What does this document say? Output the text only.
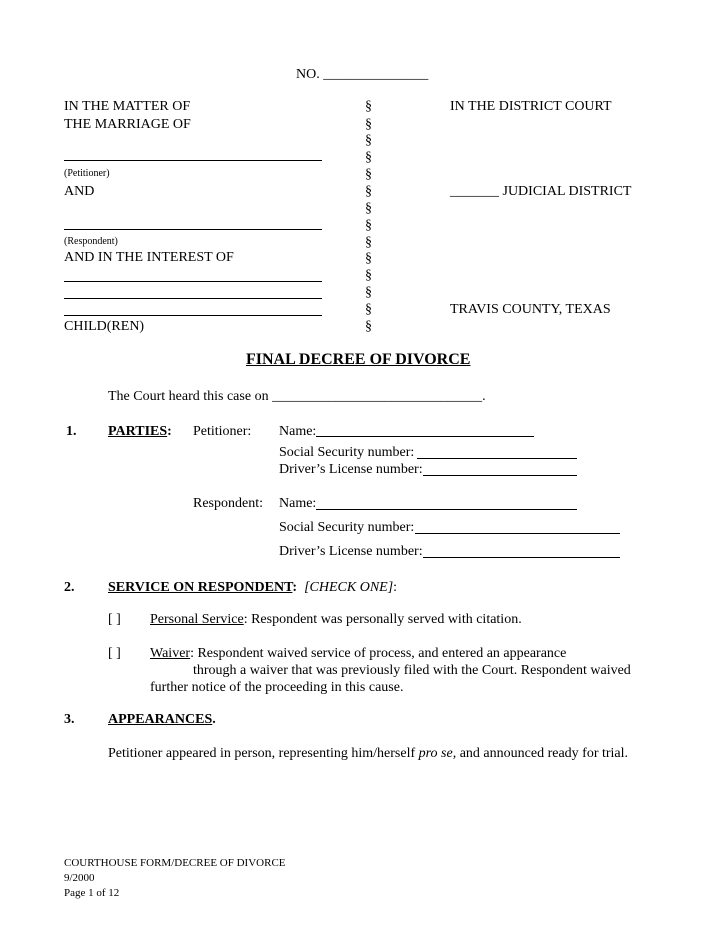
NO. _______________
IN THE MATTER OF
THE MARRIAGE OF
(Petitioner)
AND
(Respondent)
AND IN THE INTEREST OF
CHILD(REN)
§
§
§
§
§
§
§
§
§
§
§
§
§
§
IN THE DISTRICT COURT
_______ JUDICIAL DISTRICT
TRAVIS COUNTY, TEXAS
FINAL DECREE OF DIVORCE
The Court heard this case on ______________________________.
1. PARTIES: Petitioner: Name:
Social Security number:
Driver’s License number:
Respondent: Name:
Social Security number:
Driver’s License number:
2. SERVICE ON RESPONDENT: [CHECK ONE]:
[ ] Personal Service: Respondent was personally served with citation.
[ ] Waiver: Respondent waived service of process, and entered an appearance
through a waiver that was previously filed with the Court. Respondent waived
further notice of the proceeding in this cause.
3. APPEARANCES.
Petitioner appeared in person, representing him/herself pro se, and announced ready for trial.
COURTHOUSE FORM/DECREE OF DIVORCE
9/2000
Page 1 of 12
